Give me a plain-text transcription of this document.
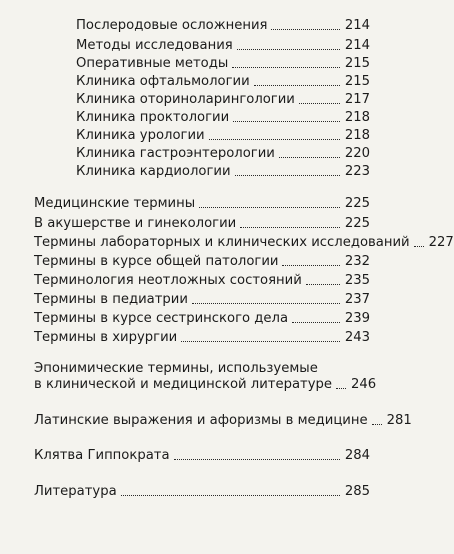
Послеродовые осложнения	214
Методы исследования	214
Оперативные методы	215
Клиника офтальмологии	215
Клиника оториноларингологии	217
Клиника проктологии	218
Клиника урологии	218
Клиника гастроэнтерологии	220
Клиника кардиологии	223
Медицинские термины	225
В акушерстве и гинекологии	225
Термины лабораторных и клинических исследований 227
Термины в курсе общей патологии	232
Терминология неотложных состояний	235
Термины в педиатрии	237
Термины в курсе сестринского дела	239
Термины в хирургии	243
Эпонимические термины, используемые
в клинической и медицинской литературе 246
Латинские выражения и афоризмы в медицине 281
Клятва Гиппократа	284
Литература	285
